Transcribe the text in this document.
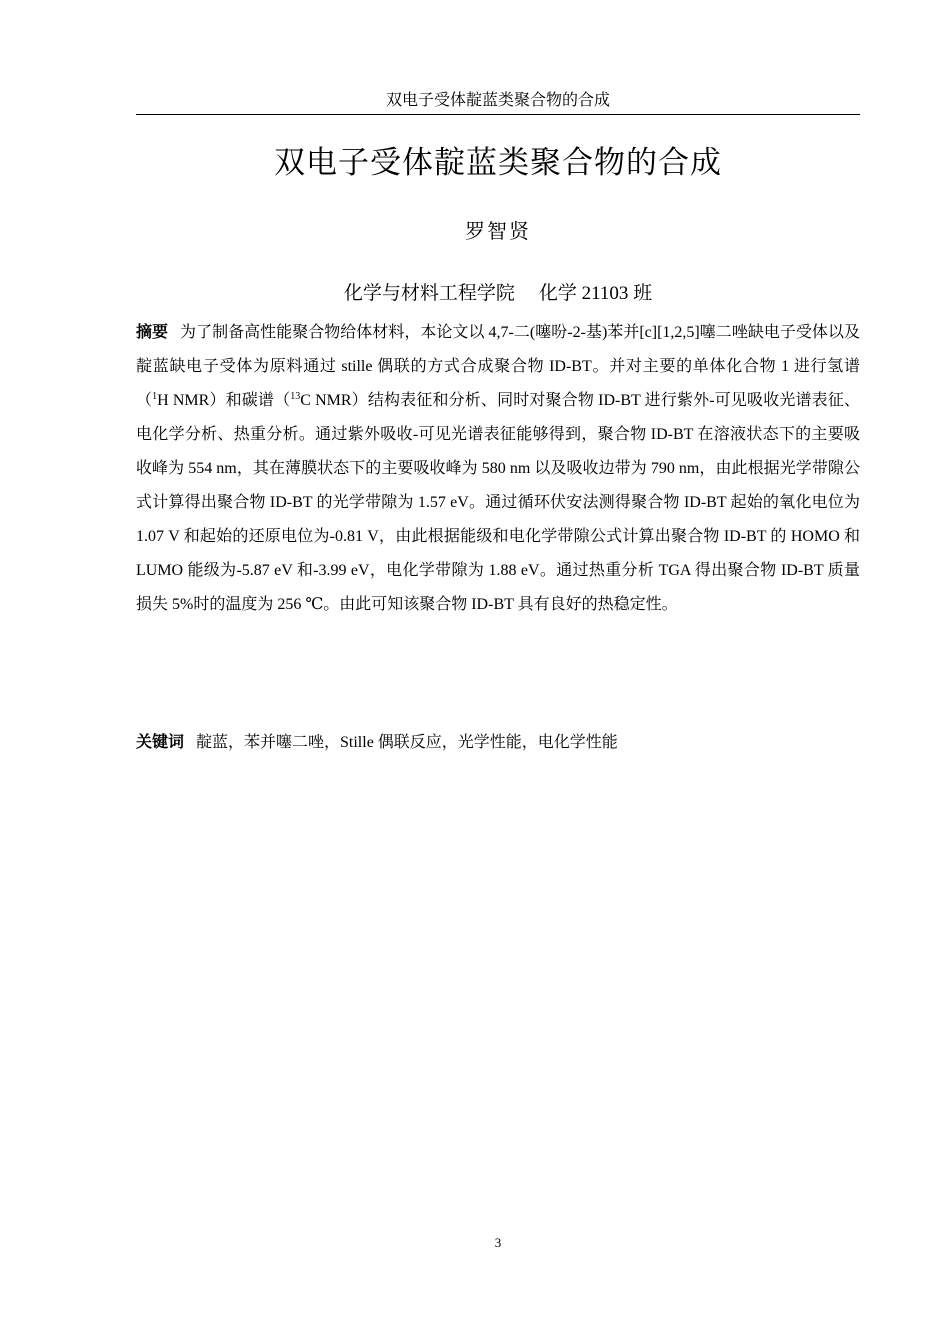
双电子受体靛蓝类聚合物的合成
双电子受体靛蓝类聚合物的合成
罗智贤
化学与材料工程学院 化学 21103 班
摘要 为了制备高性能聚合物给体材料，本论文以 4,7-二(噻吩-2-基)苯并[c][1,2,5]噻二唑缺电子受体以及靛蓝缺电子受体为原料通过 stille 偶联的方式合成聚合物 ID-BT。并对主要的单体化合物 1 进行氢谱（$^1$H NMR）和碳谱（$^{13}$C NMR）结构表征和分析、同时对聚合物 ID-BT 进行紫外-可见吸收光谱表征、电化学分析、热重分析。通过紫外吸收-可见光谱表征能够得到，聚合物 ID-BT 在溶液状态下的主要吸收峰为 554 nm，其在薄膜状态下的主要吸收峰为 580 nm 以及吸收边带为 790 nm，由此根据光学带隙公式计算得出聚合物 ID-BT 的光学带隙为 1.57 eV。通过循环伏安法测得聚合物 ID-BT 起始的氧化电位为 1.07 V 和起始的还原电位为-0.81 V，由此根据能级和电化学带隙公式计算出聚合物 ID-BT 的 HOMO 和 LUMO 能级为-5.87 eV 和-3.99 eV，电化学带隙为 1.88 eV。通过热重分析 TGA 得出聚合物 ID-BT 质量损失 5%时的温度为 256 ℃。由此可知该聚合物 ID-BT 具有良好的热稳定性。
关键词 靛蓝，苯并噻二唑，Stille 偶联反应，光学性能，电化学性能
3
